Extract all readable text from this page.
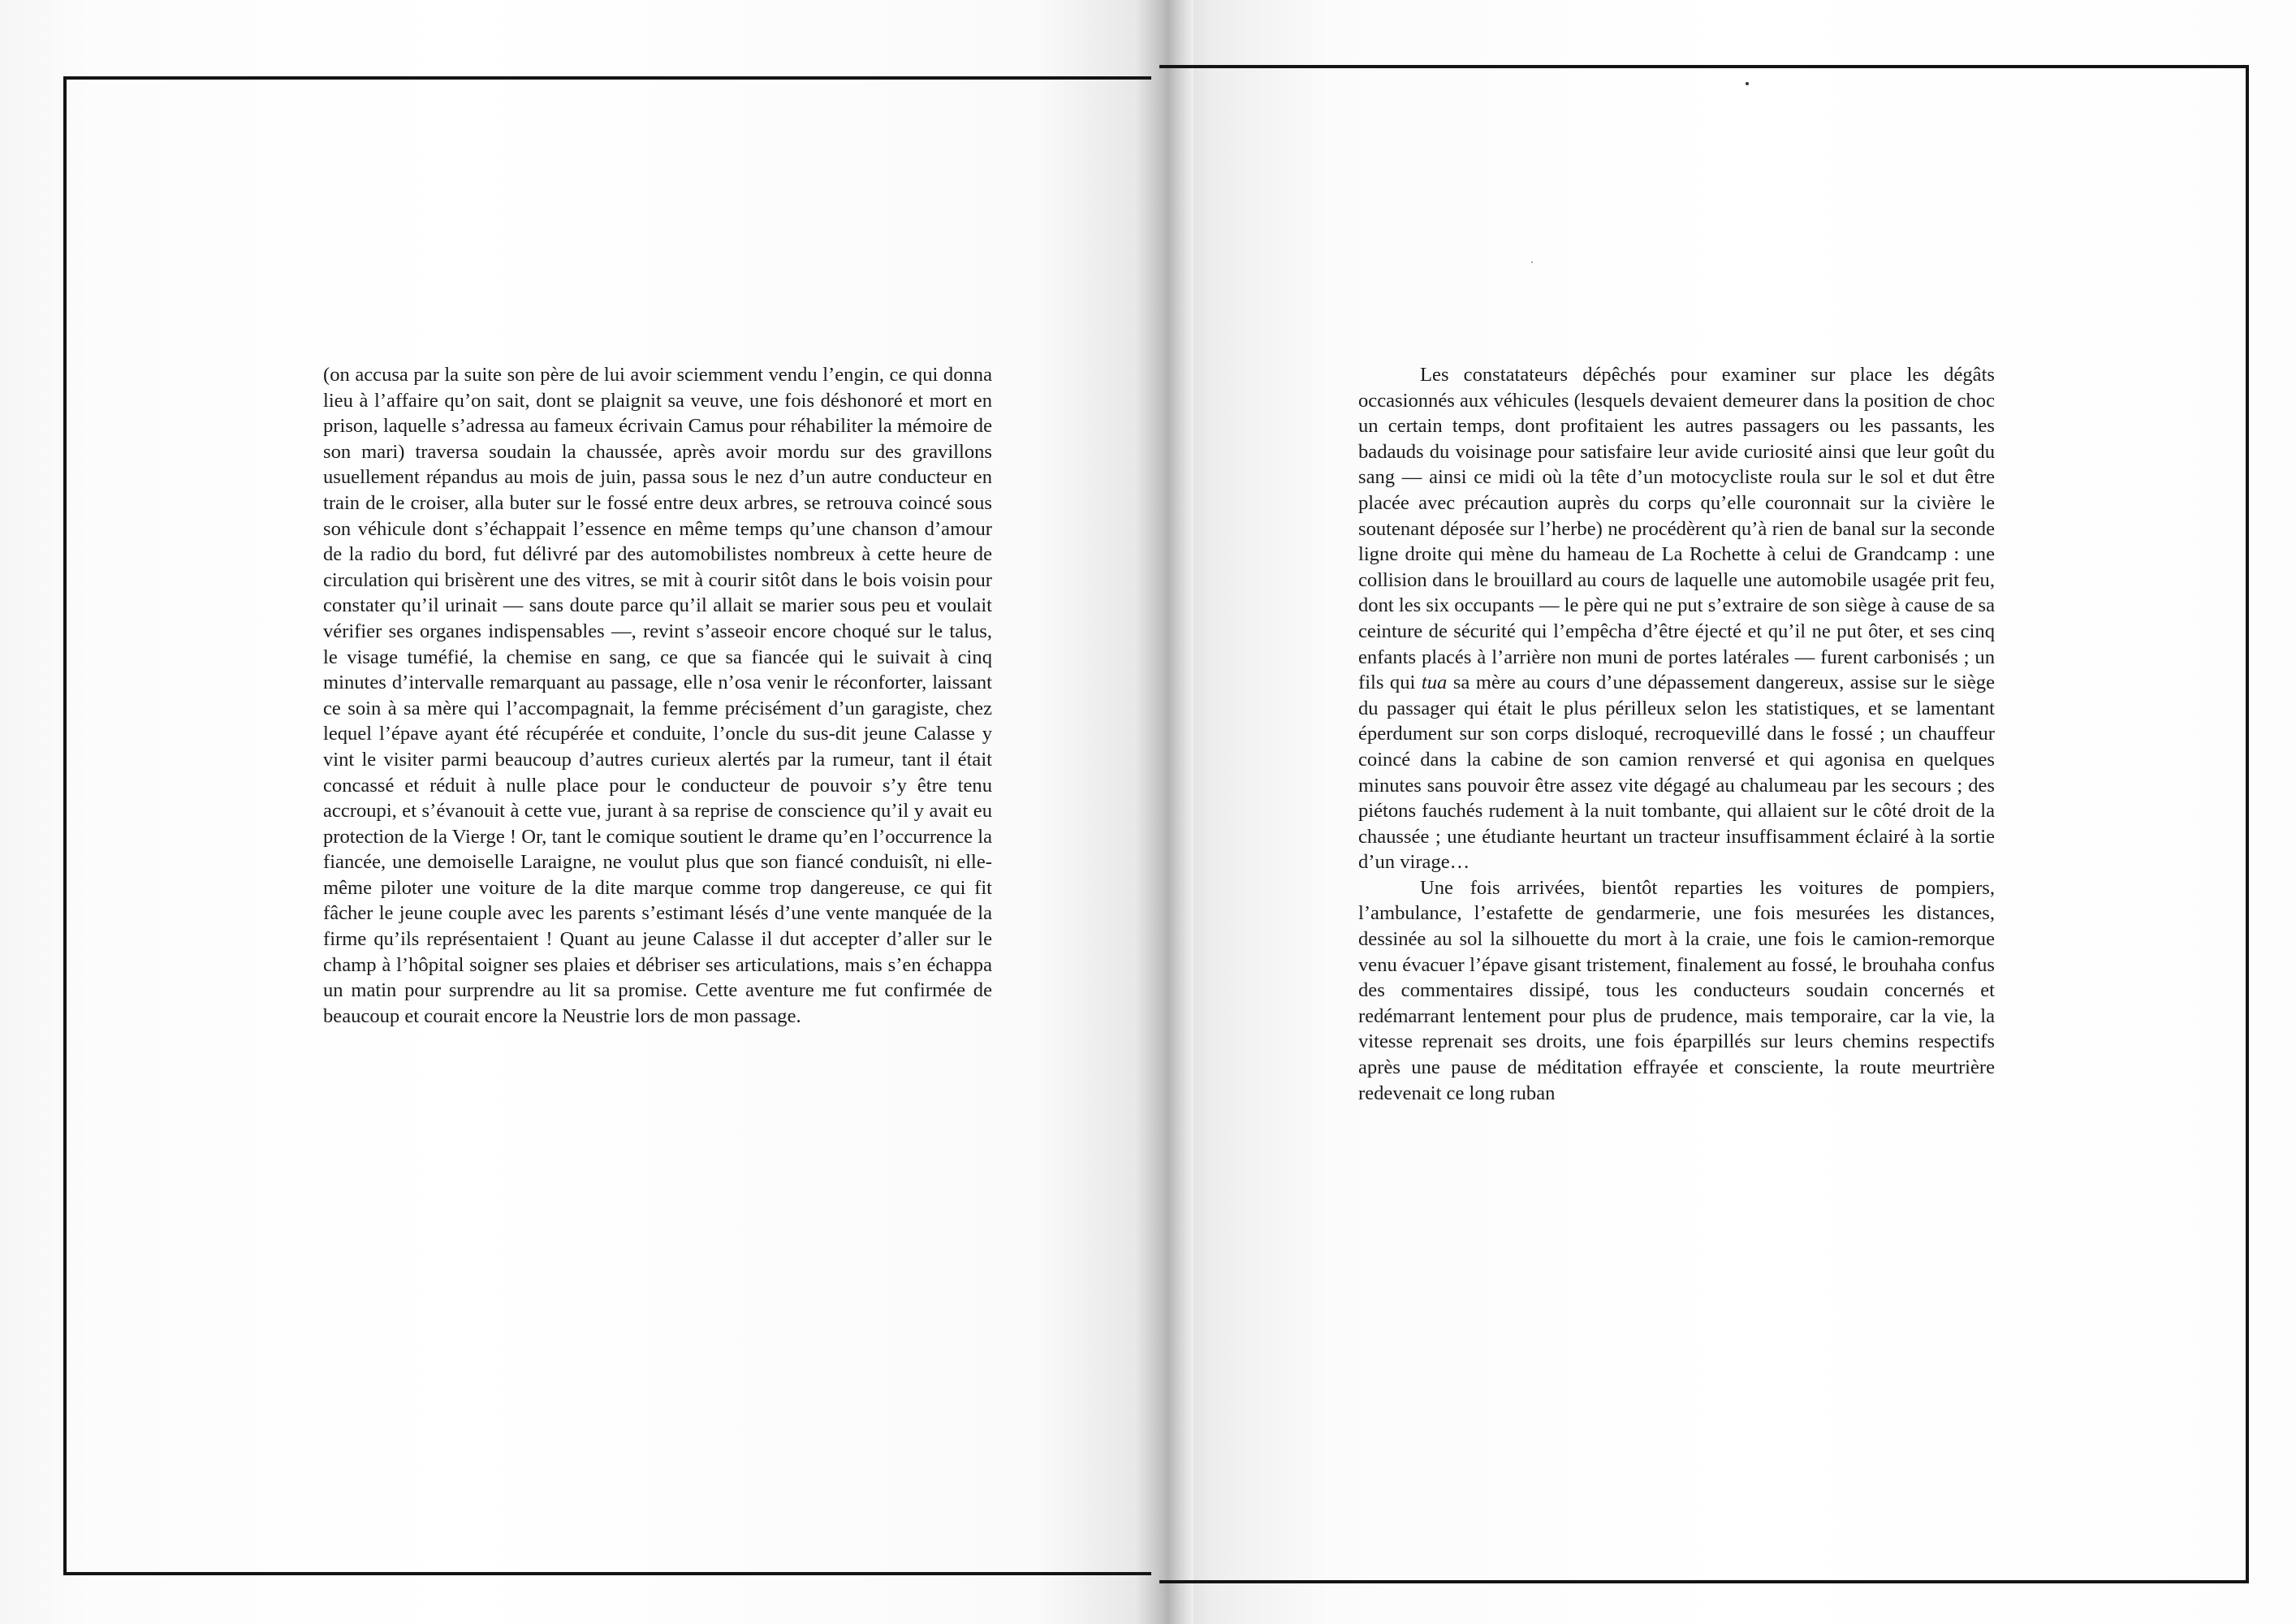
(on accusa par la suite son père de lui avoir sciemment vendu l’engin, ce qui donna lieu à l’affaire qu’on sait, dont se plaignit sa veuve, une fois déshonoré et mort en prison, laquelle s’adressa au fameux écrivain Camus pour réhabiliter la mémoire de son mari) traversa soudain la chaussée, après avoir mordu sur des gravillons usuellement répandus au mois de juin, passa sous le nez d’un autre conducteur en train de le croiser, alla buter sur le fossé entre deux arbres, se retrouva coincé sous son véhicule dont s’échappait l’essence en même temps qu’une chanson d’amour de la radio du bord, fut délivré par des automobilistes nombreux à cette heure de circulation qui brisèrent une des vitres, se mit à courir sitôt dans le bois voisin pour constater qu’il urinait — sans doute parce qu’il allait se marier sous peu et voulait vérifier ses organes indispensables —, revint s’asseoir encore choqué sur le talus, le visage tuméfié, la chemise en sang, ce que sa fiancée qui le suivait à cinq minutes d’intervalle remarquant au passage, elle n’osa venir le réconforter, laissant ce soin à sa mère qui l’accompagnait, la femme précisément d’un garagiste, chez lequel l’épave ayant été récupérée et conduite, l’oncle du sus-dit jeune Calasse y vint le visiter parmi beaucoup d’autres curieux alertés par la rumeur, tant il était concassé et réduit à nulle place pour le conducteur de pouvoir s’y être tenu accroupi, et s’évanouit à cette vue, jurant à sa reprise de conscience qu’il y avait eu protection de la Vierge ! Or, tant le comique soutient le drame qu’en l’occurrence la fiancée, une demoiselle Laraigne, ne voulut plus que son fiancé conduisît, ni elle-même piloter une voiture de la dite marque comme trop dangereuse, ce qui fit fâcher le jeune couple avec les parents s’estimant lésés d’une vente manquée de la firme qu’ils représentaient ! Quant au jeune Calasse il dut accepter d’aller sur le champ à l’hôpital soigner ses plaies et débriser ses articulations, mais s’en échappa un matin pour surprendre au lit sa promise. Cette aventure me fut confirmée de beaucoup et courait encore la Neustrie lors de mon passage.

Les constatateurs dépêchés pour examiner sur place les dégâts occasionnés aux véhicules (lesquels devaient demeurer dans la position de choc un certain temps, dont profitaient les autres passagers ou les passants, les badauds du voisinage pour satisfaire leur avide curiosité ainsi que leur goût du sang — ainsi ce midi où la tête d’un motocycliste roula sur le sol et dut être placée avec précaution auprès du corps qu’elle couronnait sur la civière le soutenant déposée sur l’herbe) ne procédèrent qu’à rien de banal sur la seconde ligne droite qui mène du hameau de La Rochette à celui de Grandcamp : une collision dans le brouillard au cours de laquelle une automobile usagée prit feu, dont les six occupants — le père qui ne put s’extraire de son siège à cause de sa ceinture de sécurité qui l’empêcha d’être éjecté et qu’il ne put ôter, et ses cinq enfants placés à l’arrière non muni de portes latérales — furent carbonisés ; un fils qui tua sa mère au cours d’une dépassement dangereux, assise sur le siège du passager qui était le plus périlleux selon les statistiques, et se lamentant éperdument sur son corps disloqué, recroquevillé dans le fossé ; un chauffeur coincé dans la cabine de son camion renversé et qui agonisa en quelques minutes sans pouvoir être assez vite dégagé au chalumeau par les secours ; des piétons fauchés rudement à la nuit tombante, qui allaient sur le côté droit de la chaussée ; une étudiante heurtant un tracteur insuffisamment éclairé à la sortie d’un virage…

Une fois arrivées, bientôt reparties les voitures de pompiers, l’ambulance, l’estafette de gendarmerie, une fois mesurées les distances, dessinée au sol la silhouette du mort à la craie, une fois le camion-remorque venu évacuer l’épave gisant tristement, finalement au fossé, le brouhaha confus des commentaires dissipé, tous les conducteurs soudain concernés et redémarrant lentement pour plus de prudence, mais temporaire, car la vie, la vitesse reprenait ses droits, une fois éparpillés sur leurs chemins respectifs après une pause de méditation effrayée et consciente, la route meurtrière redevenait ce long ruban
